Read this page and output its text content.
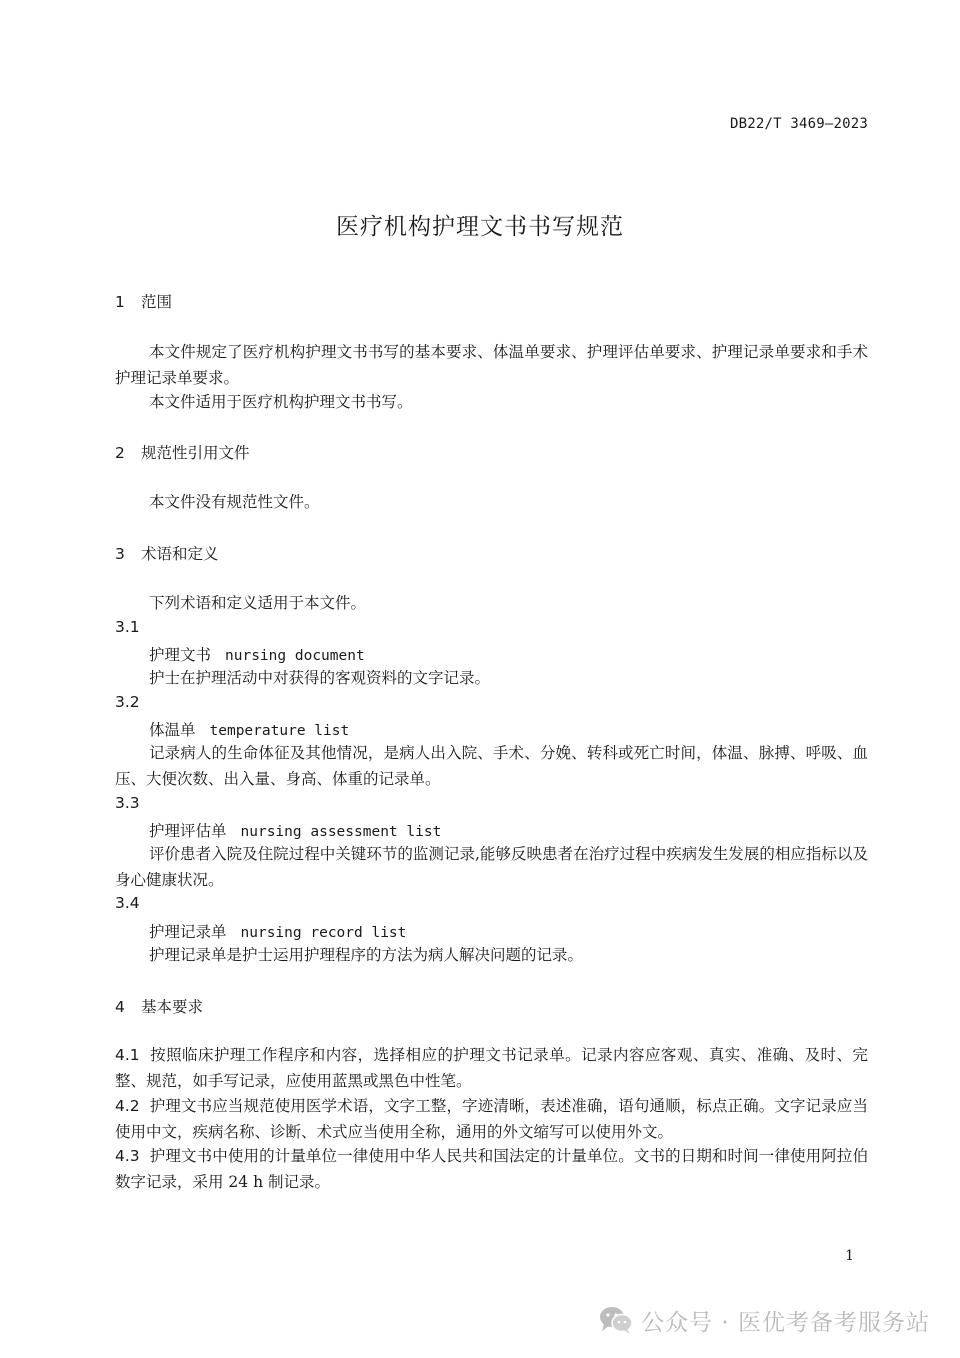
DB22/T 3469—2023
医疗机构护理文书书写规范
1 范围
本文件规定了医疗机构护理文书书写的基本要求、体温单要求、护理评估单要求、护理记录单要求和手术护理记录单要求。
本文件适用于医疗机构护理文书书写。
2 规范性引用文件
本文件没有规范性文件。
3 术语和定义
下列术语和定义适用于本文件。
3.1
护理文书 nursing document
护士在护理活动中对获得的客观资料的文字记录。
3.2
体温单 temperature list
记录病人的生命体征及其他情况，是病人出入院、手术、分娩、转科或死亡时间，体温、脉搏、呼吸、血压、大便次数、出入量、身高、体重的记录单。
3.3
护理评估单 nursing assessment list
评价患者入院及住院过程中关键环节的监测记录,能够反映患者在治疗过程中疾病发生发展的相应指标以及身心健康状况。
3.4
护理记录单 nursing record list
护理记录单是护士运用护理程序的方法为病人解决问题的记录。
4 基本要求
4.1 按照临床护理工作程序和内容，选择相应的护理文书记录单。记录内容应客观、真实、准确、及时、完整、规范，如手写记录，应使用蓝黑或黑色中性笔。
4.2 护理文书应当规范使用医学术语，文字工整，字迹清晰，表述准确，语句通顺，标点正确。文字记录应当使用中文，疾病名称、诊断、术式应当使用全称，通用的外文缩写可以使用外文。
4.3 护理文书中使用的计量单位一律使用中华人民共和国法定的计量单位。文书的日期和时间一律使用阿拉伯数字记录，采用 24 h 制记录。
1
公众号 · 医优考备考服务站
